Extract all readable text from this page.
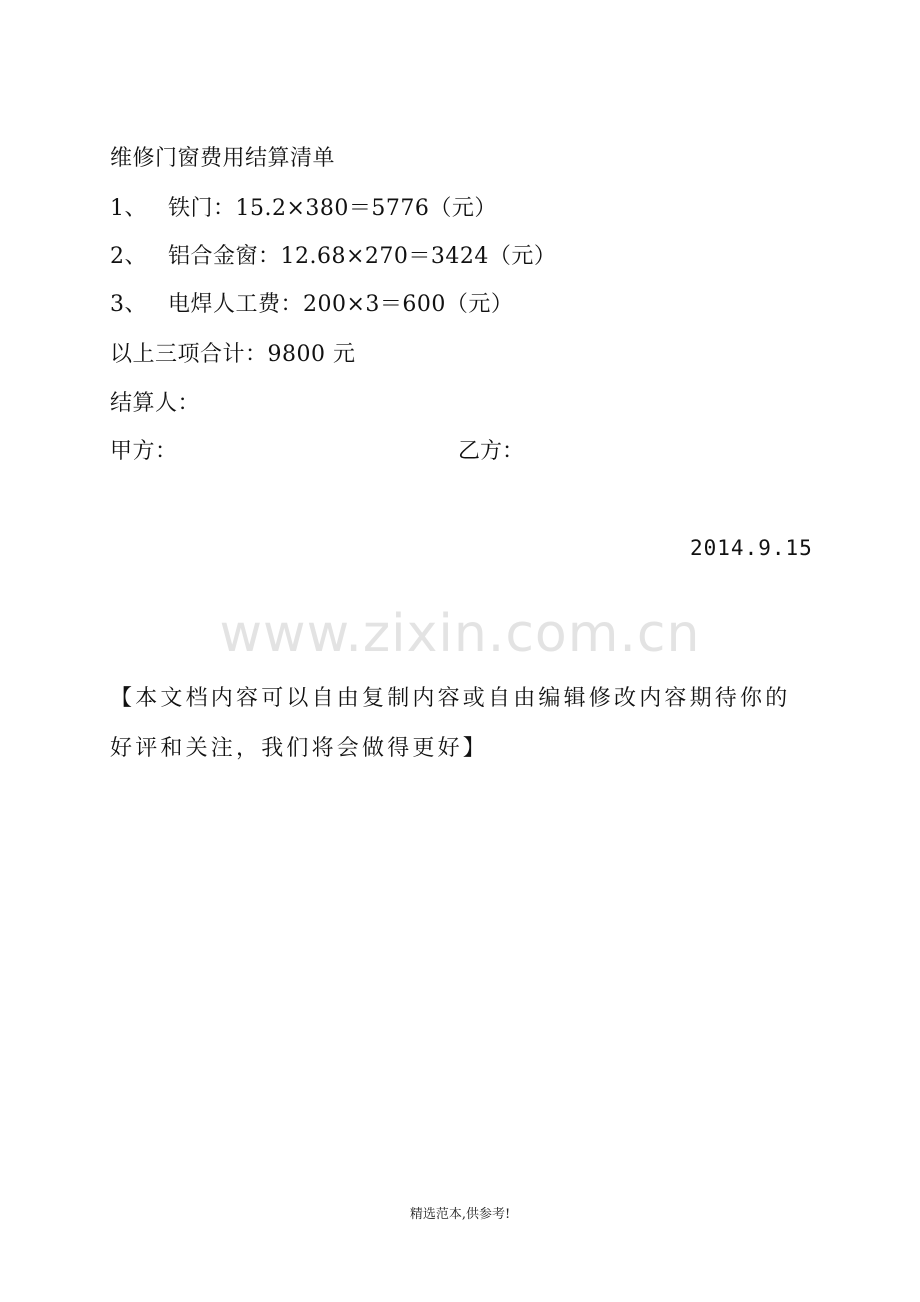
维修门窗费用结算清单
1、 铁门：15.2×380＝5776（元）
2、 铝合金窗：12.68×270＝3424（元）
3、 电焊人工费：200×3＝600（元）
以上三项合计：9800 元
结算人：
甲方：	乙方：
2014.9.15
www.zixin.com.cn
【本文档内容可以自由复制内容或自由编辑修改内容期待你的好评和关注，我们将会做得更好】
精选范本,供参考!
